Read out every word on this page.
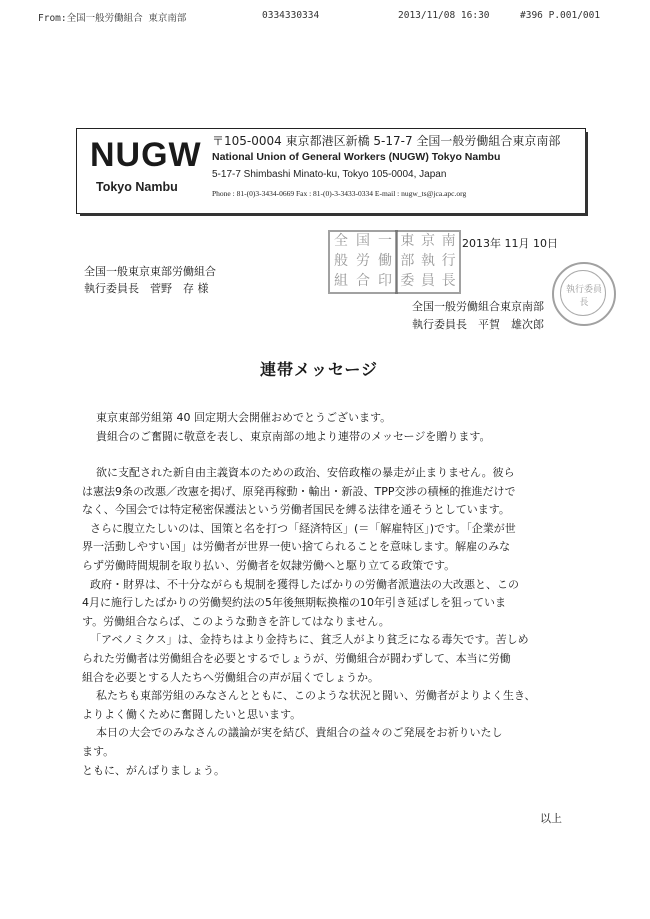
From:全国一般労働組合 東京南部	0334330334	2013/11/08 16:30	#396 P.001/001
NUGW
Tokyo Nambu
〒105-0004 東京都港区新橋 5-17-7 全国一般労働組合東京南部
National Union of General Workers (NUGW) Tokyo Nambu
5-17-7 Shimbashi Minato-ku, Tokyo 105-0004, Japan
Phone : 81-(0)3-3434-0669 Fax : 81-(0)-3-3433-0334 E-mail : nugw_ts@jca.apc.org
全 国 一
般 労 働
組 合 印
東 京 南
部 執 行
委 員 長
2013年 11月 10日
全国一般東京東部労働組合
執行委員長　菅野　存 様
全国一般労働組合東京南部
執行委員長　平賀　雄次郎
執行委員長
連帯メッセージ
東京東部労組第 40 回定期大会開催おめでとうございます。
貴組合のご奮闘に敬意を表し、東京南部の地より連帯のメッセージを贈ります。
欲に支配された新自由主義資本のための政治、安倍政権の暴走が止まりません。彼ら
は憲法9条の改悪／改憲を掲げ、原発再稼動・輸出・新設、TPP交渉の積極的推進だけで
なく、今国会では特定秘密保護法という労働者国民を縛る法律を通そうとしています。
さらに腹立たしいのは、国策と名を打つ「経済特区」(＝「解雇特区」)です。「企業が世
界一活動しやすい国」は労働者が世界一使い捨てられることを意味します。解雇のみな
らず労働時間規制を取り払い、労働者を奴隷労働へと駆り立てる政策です。
政府・財界は、不十分ながらも規制を獲得したばかりの労働者派遣法の大改悪と、この
4月に施行したばかりの労働契約法の5年後無期転換権の10年引き延ばしを狙っていま
す。労働組合ならば、このような動きを許してはなりません。
「アベノミクス」は、金持ちはより金持ちに、貧乏人がより貧乏になる毒矢です。苦しめ
られた労働者は労働組合を必要とするでしょうが、労働組合が闘わずして、本当に労働
組合を必要とする人たちへ労働組合の声が届くでしょうか。
私たちも東部労組のみなさんとともに、このような状況と闘い、労働者がよりよく生き、
よりよく働くために奮闘したいと思います。
本日の大会でのみなさんの議論が実を結び、貴組合の益々のご発展をお祈りいたし
ます。
ともに、がんばりましょう。
以上
